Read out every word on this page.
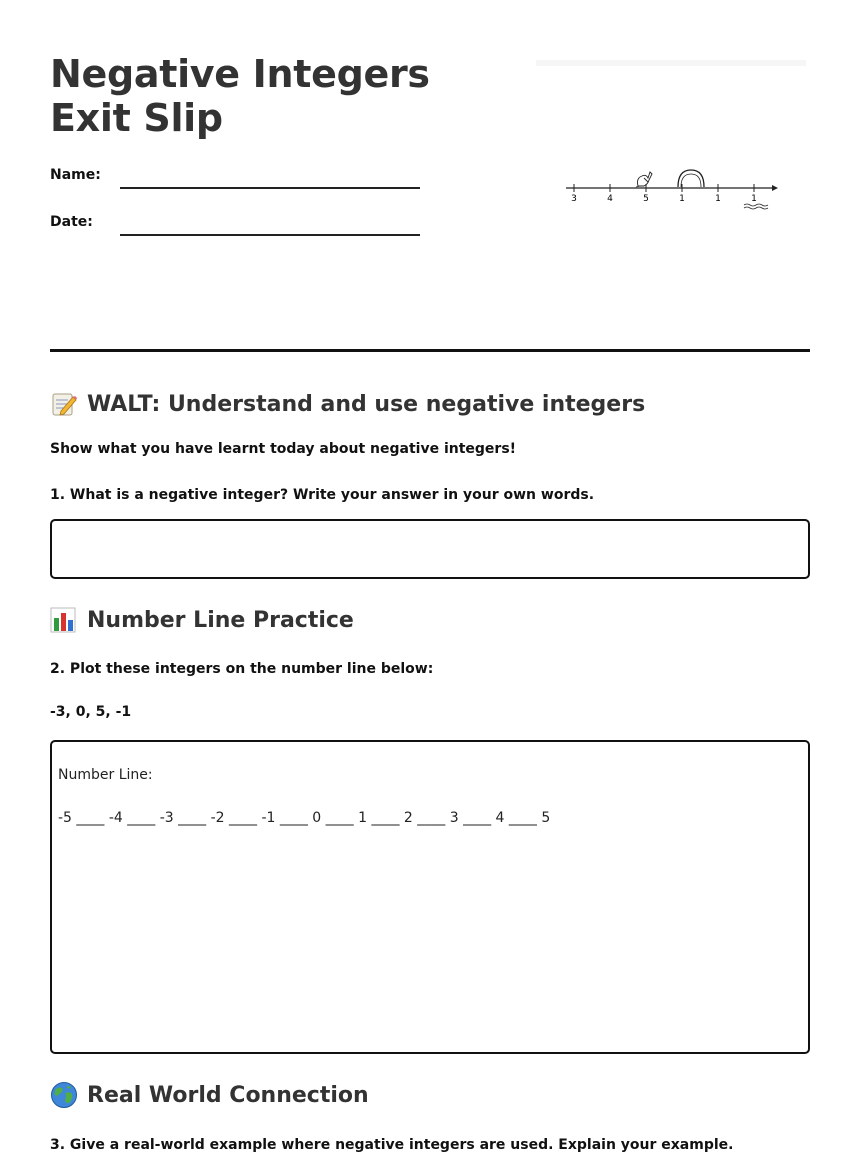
Negative Integers Exit Slip
Name:
Date:
3	4	5	1	1	1
WALT: Understand and use negative integers
Show what you have learnt today about negative integers!
1. What is a negative integer? Write your answer in your own words.
Number Line Practice
2. Plot these integers on the number line below:
-3, 0, 5, -1
Number Line:
-5 ____ -4 ____ -3 ____ -2 ____ -1 ____ 0 ____ 1 ____ 2 ____ 3 ____ 4 ____ 5
Real World Connection
3. Give a real-world example where negative integers are used. Explain your example.
